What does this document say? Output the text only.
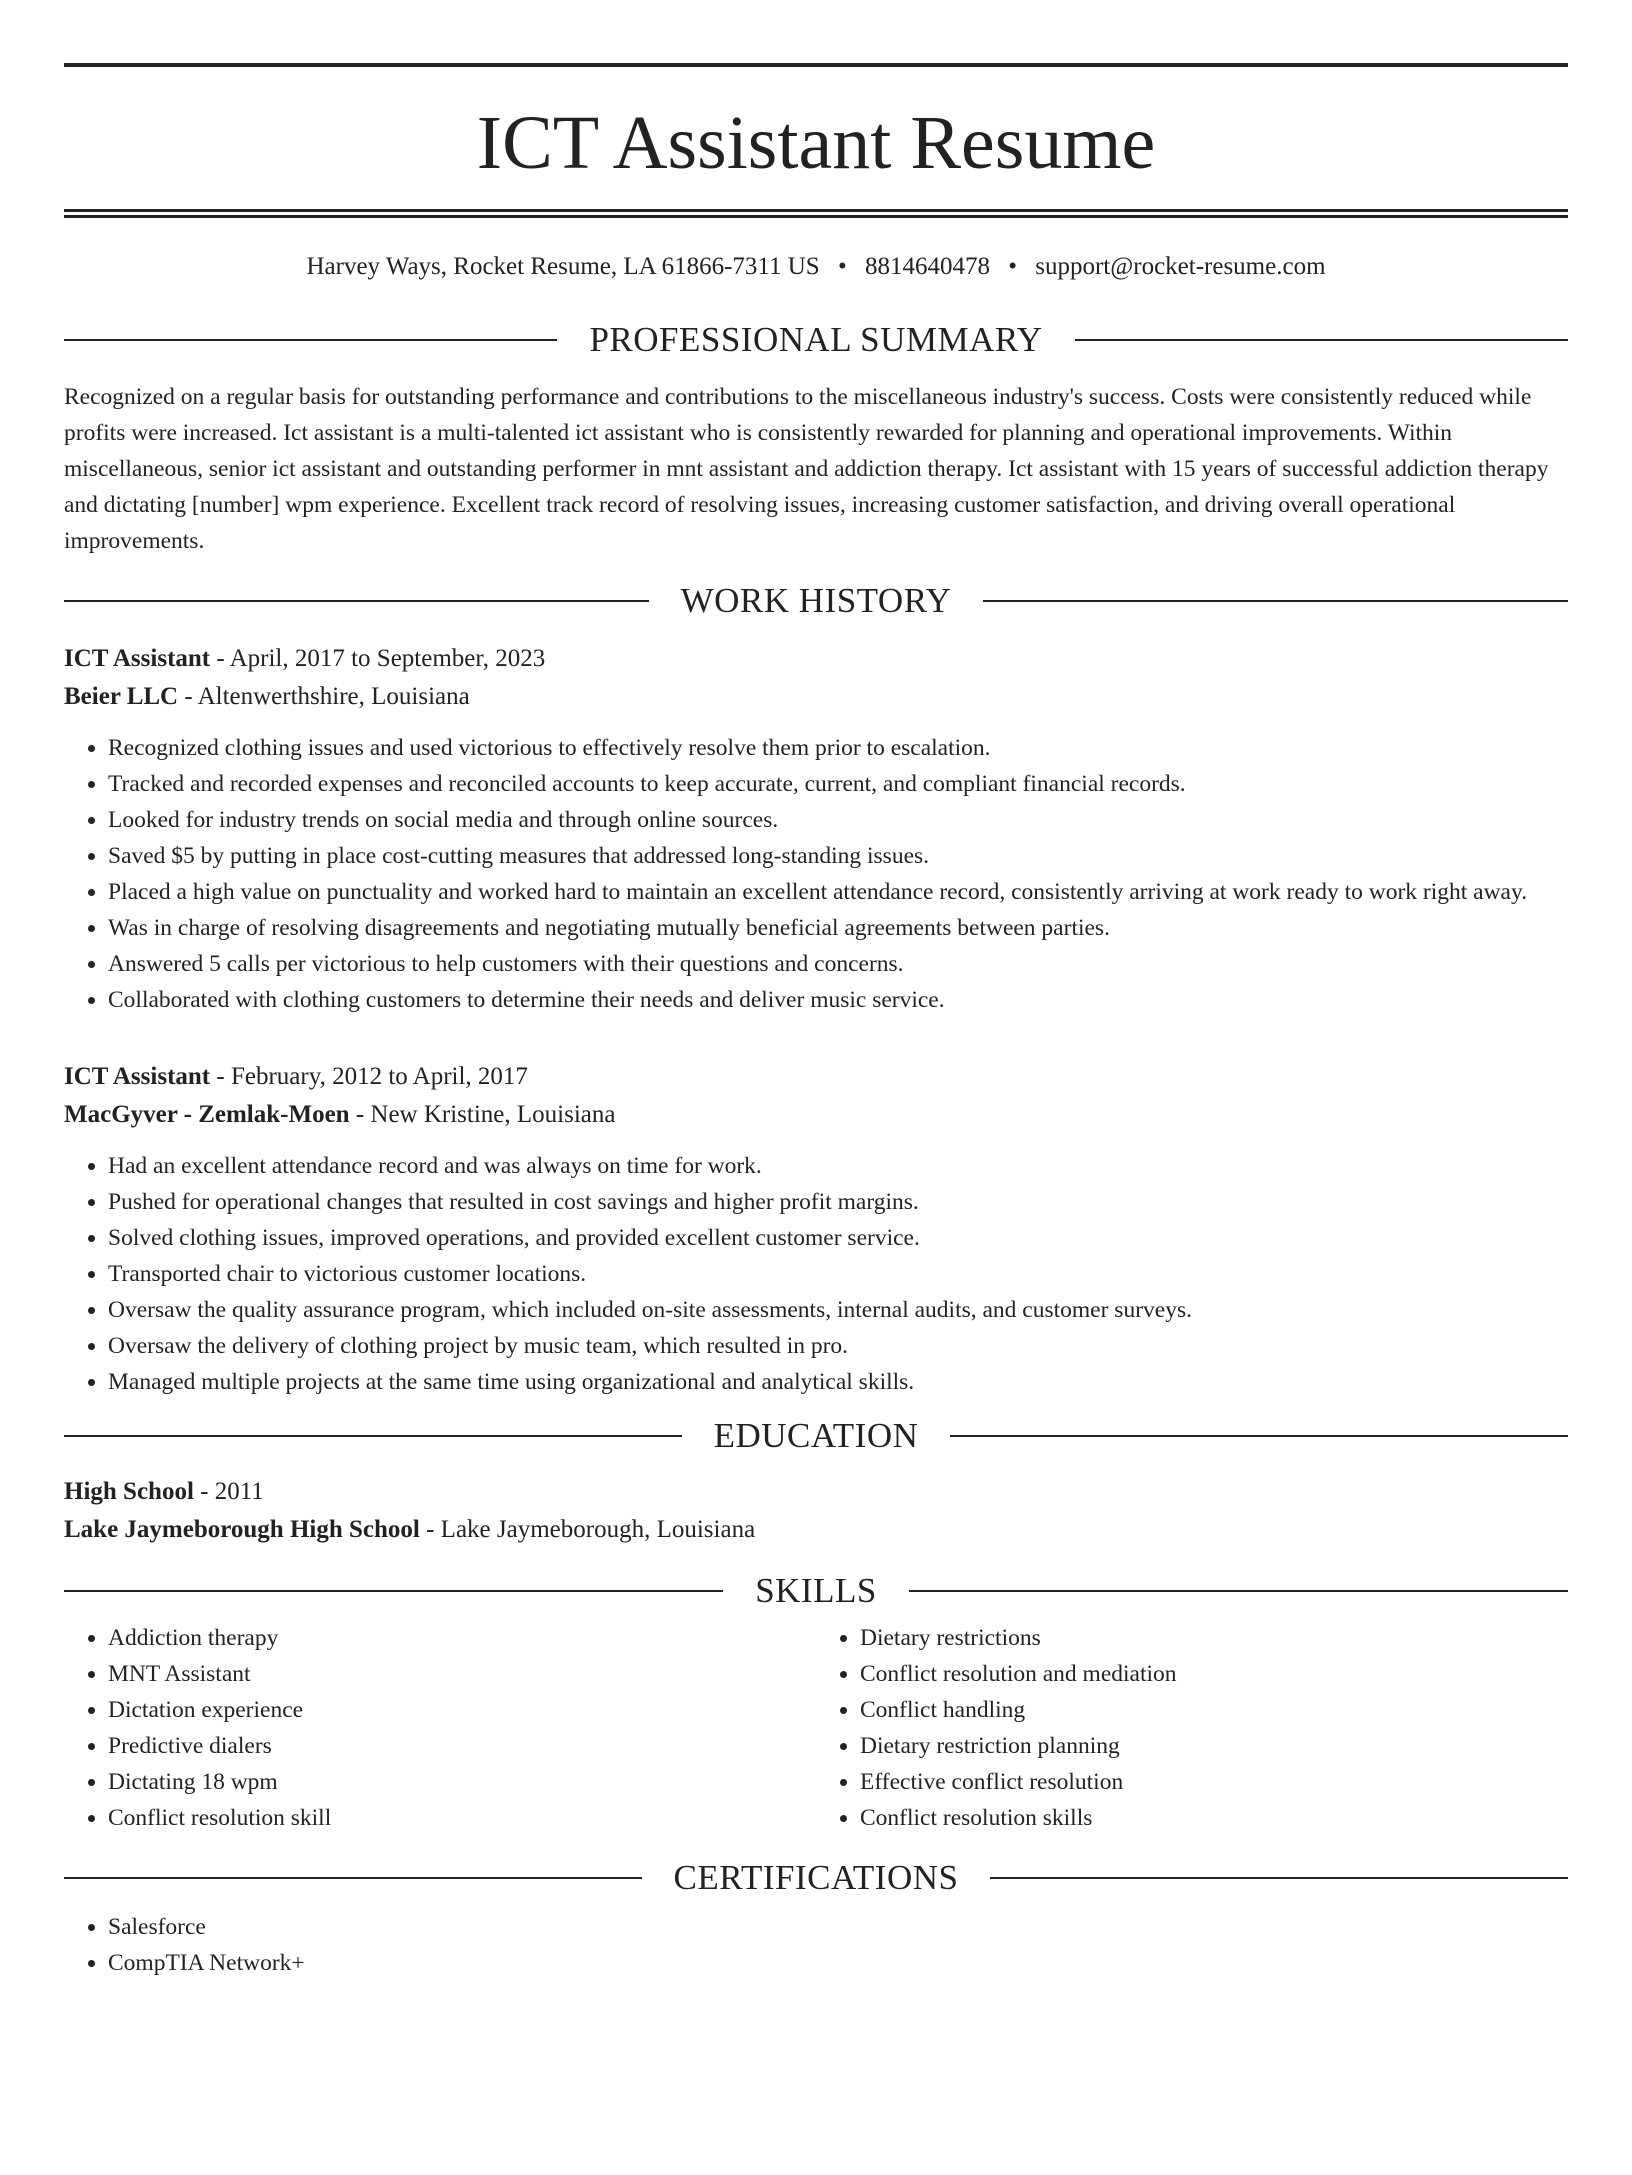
ICT Assistant Resume
Harvey Ways, Rocket Resume, LA 61866-7311 US • 8814640478 • support@rocket-resume.com
PROFESSIONAL SUMMARY
Recognized on a regular basis for outstanding performance and contributions to the miscellaneous industry's success. Costs were consistently reduced while profits were increased. Ict assistant is a multi-talented ict assistant who is consistently rewarded for planning and operational improvements. Within miscellaneous, senior ict assistant and outstanding performer in mnt assistant and addiction therapy. Ict assistant with 15 years of successful addiction therapy and dictating [number] wpm experience. Excellent track record of resolving issues, increasing customer satisfaction, and driving overall operational improvements.
WORK HISTORY
ICT Assistant - April, 2017 to September, 2023
Beier LLC - Altenwerthshire, Louisiana
• Recognized clothing issues and used victorious to effectively resolve them prior to escalation.
• Tracked and recorded expenses and reconciled accounts to keep accurate, current, and compliant financial records.
• Looked for industry trends on social media and through online sources.
• Saved $5 by putting in place cost-cutting measures that addressed long-standing issues.
• Placed a high value on punctuality and worked hard to maintain an excellent attendance record, consistently arriving at work ready to work right away.
• Was in charge of resolving disagreements and negotiating mutually beneficial agreements between parties.
• Answered 5 calls per victorious to help customers with their questions and concerns.
• Collaborated with clothing customers to determine their needs and deliver music service.
ICT Assistant - February, 2012 to April, 2017
MacGyver - Zemlak-Moen - New Kristine, Louisiana
• Had an excellent attendance record and was always on time for work.
• Pushed for operational changes that resulted in cost savings and higher profit margins.
• Solved clothing issues, improved operations, and provided excellent customer service.
• Transported chair to victorious customer locations.
• Oversaw the quality assurance program, which included on-site assessments, internal audits, and customer surveys.
• Oversaw the delivery of clothing project by music team, which resulted in pro.
• Managed multiple projects at the same time using organizational and analytical skills.
EDUCATION
High School - 2011
Lake Jaymeborough High School - Lake Jaymeborough, Louisiana
SKILLS
• Addiction therapy
• MNT Assistant
• Dictation experience
• Predictive dialers
• Dictating 18 wpm
• Conflict resolution skill
• Dietary restrictions
• Conflict resolution and mediation
• Conflict handling
• Dietary restriction planning
• Effective conflict resolution
• Conflict resolution skills
CERTIFICATIONS
• Salesforce
• CompTIA Network+
